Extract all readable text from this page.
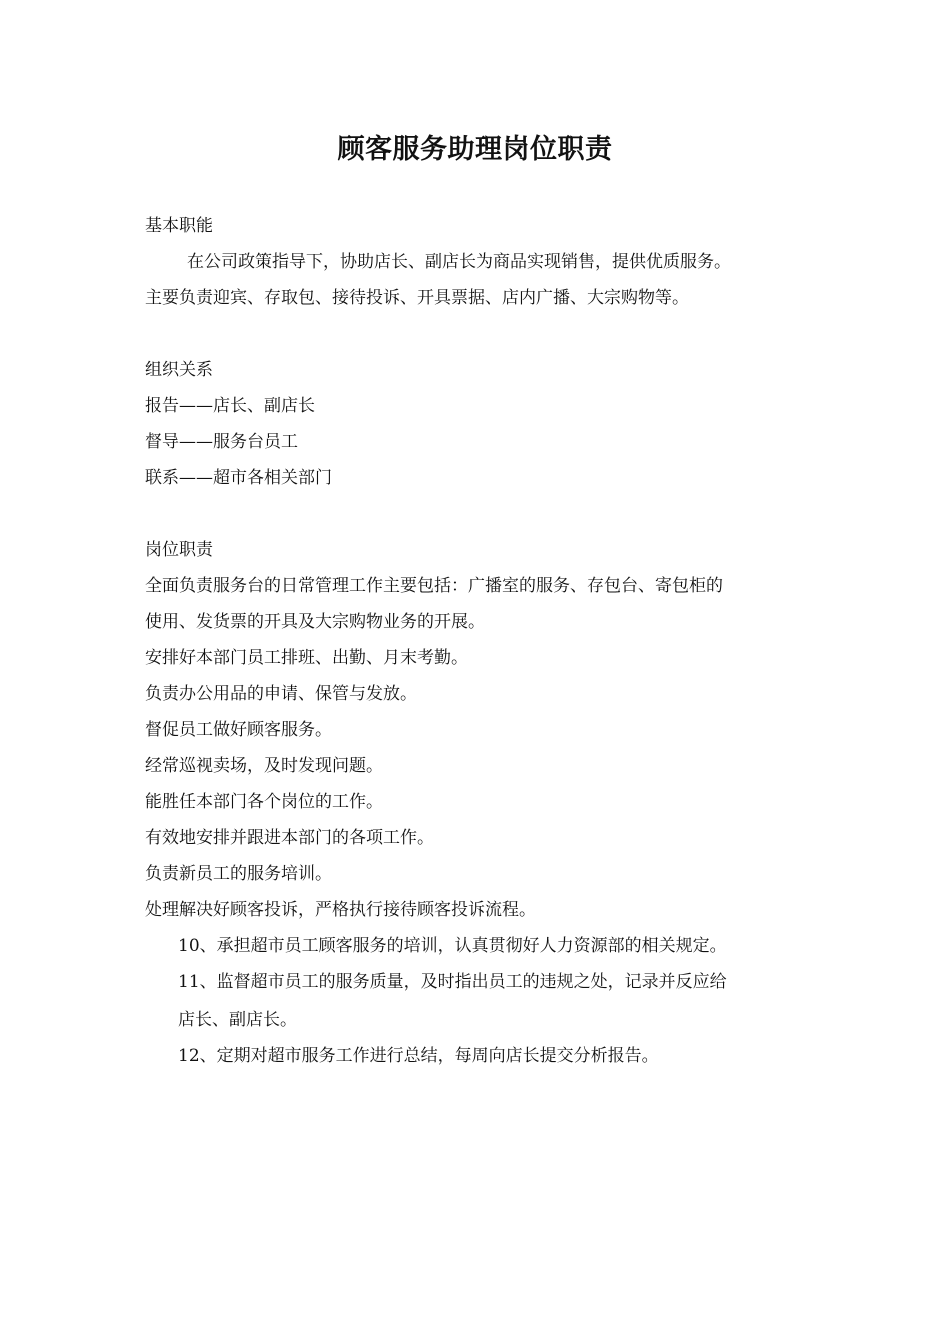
顾客服务助理岗位职责
基本职能
在公司政策指导下，协助店长、副店长为商品实现销售，提供优质服务。
主要负责迎宾、存取包、接待投诉、开具票据、店内广播、大宗购物等。
组织关系
报告——店长、副店长
督导——服务台员工
联系——超市各相关部门
岗位职责
全面负责服务台的日常管理工作主要包括：广播室的服务、存包台、寄包柜的
使用、发货票的开具及大宗购物业务的开展。
安排好本部门员工排班、出勤、月末考勤。
负责办公用品的申请、保管与发放。
督促员工做好顾客服务。
经常巡视卖场，及时发现问题。
能胜任本部门各个岗位的工作。
有效地安排并跟进本部门的各项工作。
负责新员工的服务培训。
处理解决好顾客投诉，严格执行接待顾客投诉流程。
10、承担超市员工顾客服务的培训，认真贯彻好人力资源部的相关规定。
11、监督超市员工的服务质量，及时指出员工的违规之处，记录并反应给
店长、副店长。
12、定期对超市服务工作进行总结，每周向店长提交分析报告。
